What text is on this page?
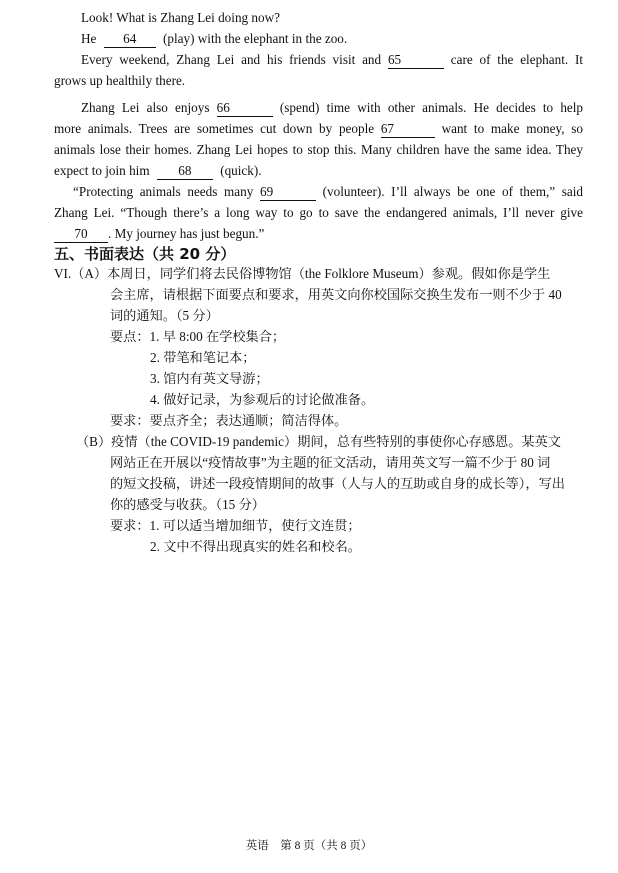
Look! What is Zhang Lei doing now?
He 64 (play) with the elephant in the zoo.
Every weekend, Zhang Lei and his friends visit and 65	care of the elephant. It
grows up healthily there.
Zhang Lei also enjoys 66	(spend) time with other animals. He decides to help
more animals. Trees are sometimes cut down by people 67	want to make money, so
animals lose their homes. Zhang Lei hopes to stop this. Many children have the same idea. They
expect to join him 68 (quick).
“Protecting animals needs many 69	(volunteer). I’ll always be one of them,” said
Zhang Lei. “Though there’s a long way to go to save the endangered animals, I’ll never give
70 . My journey has just begun.”
五、书面表达（共 20 分）
VI.（A）本周日，同学们将去民俗博物馆（the Folklore Museum）参观。假如你是学生
会主席，请根据下面要点和要求，用英文向你校国际交换生发布一则不少于 40
词的通知。（5 分）
要点：1. 早 8:00 在学校集合；
2. 带笔和笔记本；
3. 馆内有英文导游；
4. 做好记录，为参观后的讨论做准备。
要求：要点齐全；表达通顺；简洁得体。
（B）疫情（the COVID-19 pandemic）期间，总有些特别的事使你心存感恩。某英文
网站正在开展以“疫情故事”为主题的征文活动，请用英文写一篇不少于 80 词
的短文投稿，讲述一段疫情期间的故事（人与人的互助或自身的成长等），写出
你的感受与收获。（15 分）
要求：1. 可以适当增加细节，使行文连贯；
2. 文中不得出现真实的姓名和校名。
英语　第 8 页（共 8 页）
